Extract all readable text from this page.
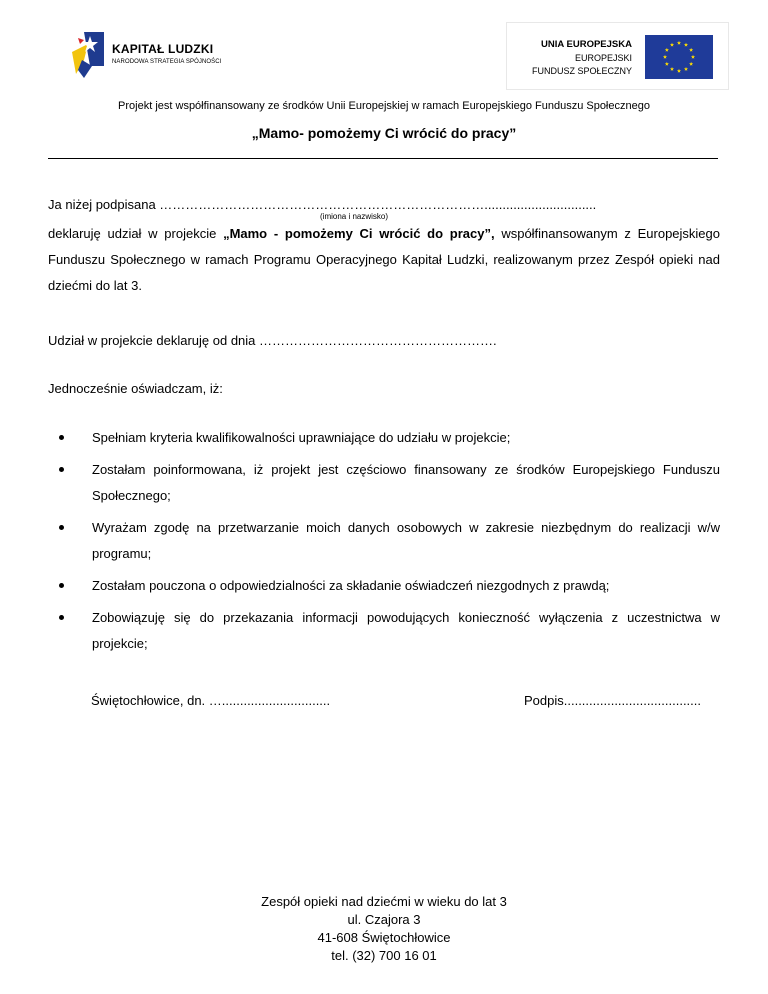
KAPITAŁ LUDZKI
NARODOWA STRATEGIA SPÓJNOŚCI
UNIA EUROPEJSKA
EUROPEJSKI
FUNDUSZ SPOŁECZNY
Projekt jest współfinansowany ze środków Unii Europejskiej w ramach Europejskiego Funduszu Społecznego
„Mamo- pomożemy Ci wrócić do pracy”
Ja niżej podpisana …………………………………………………………………...............................
(imiona i nazwisko)
deklaruję udział w projekcie „Mamo - pomożemy Ci wrócić do pracy”, współfinansowanym z Europejskiego Funduszu Społecznego w ramach Programu Operacyjnego Kapitał Ludzki, realizowanym przez Zespół opieki nad dziećmi do lat 3.
Udział w projekcie deklaruję od dnia ……………………………………………….
Jednocześnie oświadczam, iż:
Spełniam kryteria kwalifikowalności uprawniające do udziału w projekcie;
Zostałam poinformowana, iż projekt jest częściowo finansowany ze środków Europejskiego Funduszu Społecznego;
Wyrażam zgodę na przetwarzanie moich danych osobowych w zakresie niezbędnym do realizacji w/w programu;
Zostałam pouczona o odpowiedzialności za składanie oświadczeń niezgodnych z prawdą;
Zobowiązuję się do przekazania informacji powodujących konieczność wyłączenia z uczestnictwa w projekcie;
Świętochłowice, dn. …..............................	Podpis......................................
Zespół opieki nad dziećmi w wieku do lat 3
ul. Czajora 3
41-608 Świętochłowice
tel. (32) 700 16 01
